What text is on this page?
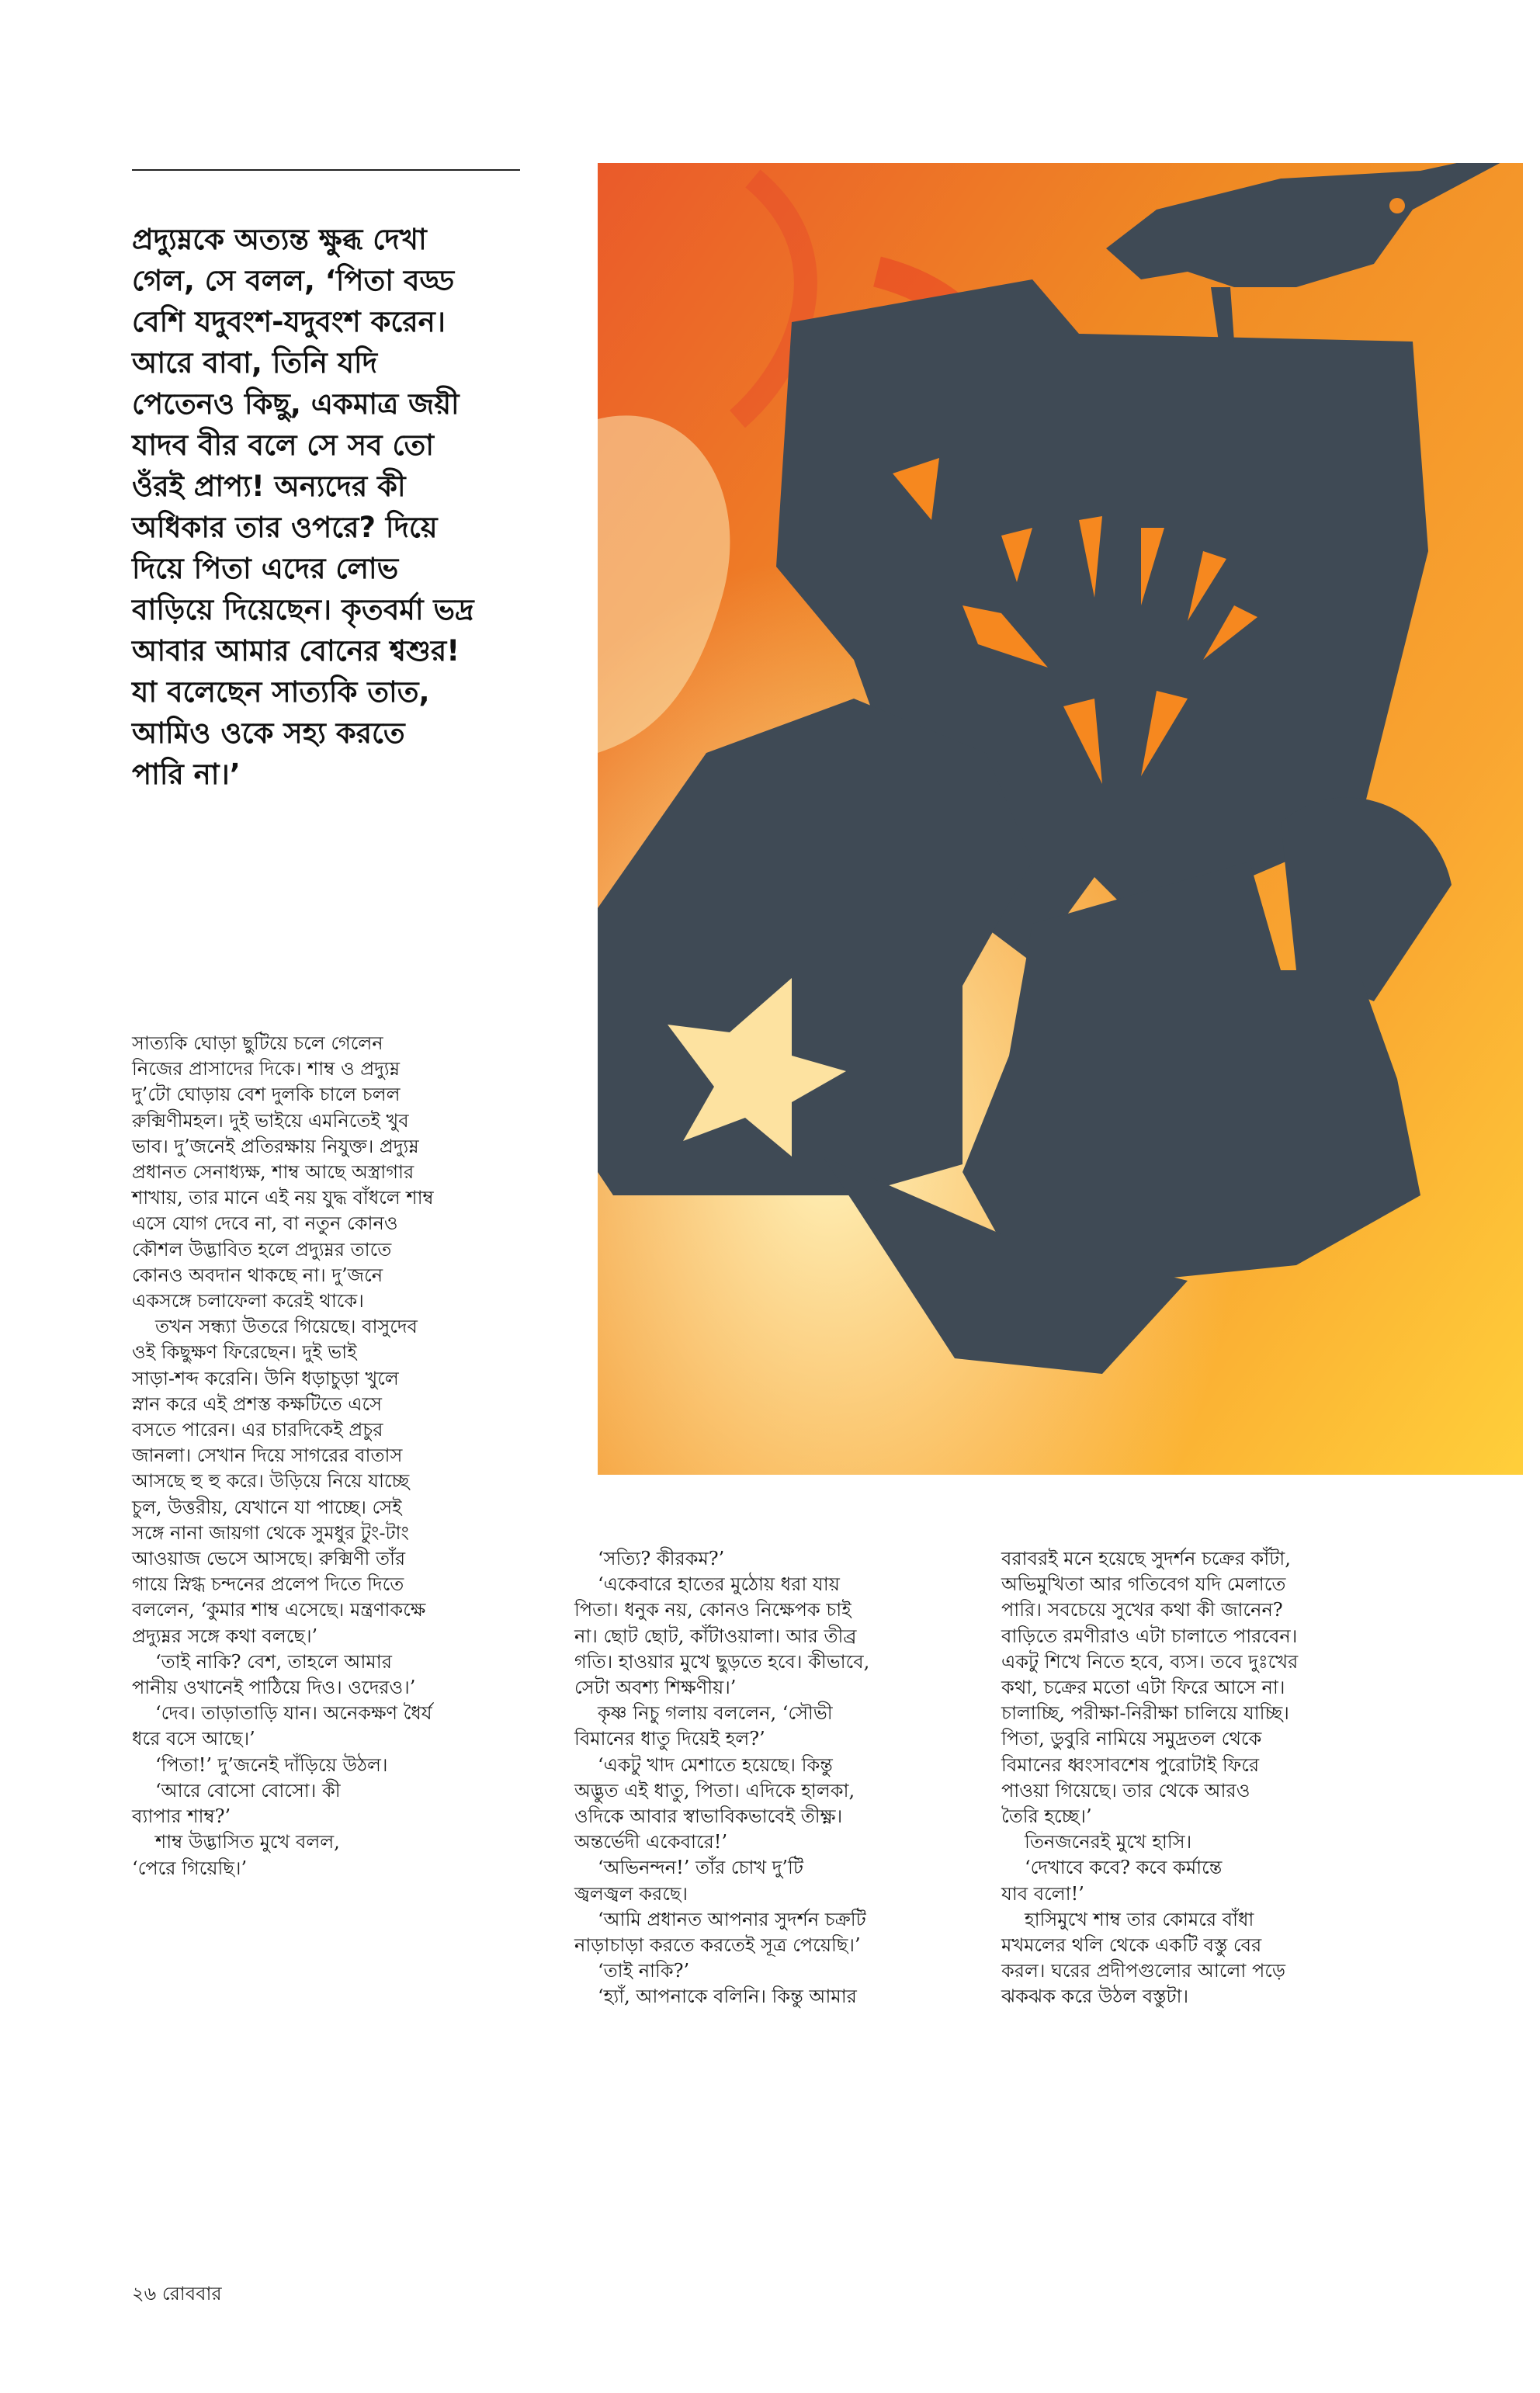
প্রদ্যুম্নকে অত্যন্ত ক্ষুব্ধ দেখা
গেল, সে বলল, ‘পিতা বড্ড
বেশি যদুবংশ-যদুবংশ করেন।
আরে বাবা, তিনি যদি
পেতেনও কিছু, একমাত্র জয়ী
যাদব বীর বলে সে সব তো
ওঁরই প্রাপ্য! অন্যদের কী
অধিকার তার ওপরে? দিয়ে
দিয়ে পিতা এদের লোভ
বাড়িয়ে দিয়েছেন। কৃতবর্মা ভদ্র
আবার আমার বোনের শ্বশুর!
যা বলেছেন সাত্যকি তাত,
আমিও ওকে সহ্য করতে
পারি না।’
সাত্যকি ঘোড়া ছুটিয়ে চলে গেলেন
নিজের প্রাসাদের দিকে। শাম্ব ও প্রদ্যুম্ন
দু’টো ঘোড়ায় বেশ দুলকি চালে চলল
রুক্মিণীমহল। দুই ভাইয়ে এমনিতেই খুব
ভাব। দু’জনেই প্রতিরক্ষায় নিযুক্ত। প্রদ্যুম্ন
প্রধানত সেনাধ্যক্ষ, শাম্ব আছে অস্ত্রাগার
শাখায়, তার মানে এই নয় যুদ্ধ বাঁধলে শাম্ব
এসে যোগ দেবে না, বা নতুন কোনও
কৌশল উদ্ভাবিত হলে প্রদ্যুম্নর তাতে
কোনও অবদান থাকছে না। দু’জনে
একসঙ্গে চলাফেলা করেই থাকে।
তখন সন্ধ্যা উতরে গিয়েছে। বাসুদেব
ওই কিছুক্ষণ ফিরেছেন। দুই ভাই
সাড়া-শব্দ করেনি। উনি ধড়াচুড়া খুলে
স্নান করে এই প্রশস্ত কক্ষটিতে এসে
বসতে পারেন। এর চারদিকেই প্রচুর
জানলা। সেখান দিয়ে সাগরের বাতাস
আসছে হু হু করে। উড়িয়ে নিয়ে যাচ্ছে
চুল, উত্তরীয়, যেখানে যা পাচ্ছে। সেই
সঙ্গে নানা জায়গা থেকে সুমধুর টুং-টাং
আওয়াজ ভেসে আসছে। রুক্মিণী তাঁর
গায়ে স্নিগ্ধ চন্দনের প্রলেপ দিতে দিতে
বললেন, ‘কুমার শাম্ব এসেছে। মন্ত্রণাকক্ষে
প্রদ্যুম্নর সঙ্গে কথা বলছে।’
‘তাই নাকি? বেশ, তাহলে আমার
পানীয় ওখানেই পাঠিয়ে দিও। ওদেরও।’
‘দেব। তাড়াতাড়ি যান। অনেকক্ষণ ধৈর্য
ধরে বসে আছে।’
‘পিতা!’ দু’জনেই দাঁড়িয়ে উঠল।
‘আরে বোসো বোসো। কী
ব্যাপার শাম্ব?’
শাম্ব উদ্ভাসিত মুখে বলল,
‘পেরে গিয়েছি।’
‘সত্যি? কীরকম?’
‘একেবারে হাতের মুঠোয় ধরা যায়
পিতা। ধনুক নয়, কোনও নিক্ষেপক চাই
না। ছোট ছোট, কাঁটাওয়ালা। আর তীব্র
গতি। হাওয়ার মুখে ছুড়তে হবে। কীভাবে,
সেটা অবশ্য শিক্ষণীয়।’
কৃষ্ণ নিচু গলায় বললেন, ‘সৌভী
বিমানের ধাতু দিয়েই হল?’
‘একটু খাদ মেশাতে হয়েছে। কিন্তু
অদ্ভুত এই ধাতু, পিতা। এদিকে হালকা,
ওদিকে আবার স্বাভাবিকভাবেই তীক্ষ্ণ।
অন্তর্ভেদী একেবারে!’
‘অভিনন্দন!’ তাঁর চোখ দু’টি
জ্বলজ্বল করছে।
‘আমি প্রধানত আপনার সুদর্শন চক্রটি
নাড়াচাড়া করতে করতেই সূত্র পেয়েছি।’
‘তাই নাকি?’
‘হ্যাঁ, আপনাকে বলিনি। কিন্তু আমার
বরাবরই মনে হয়েছে সুদর্শন চক্রের কাঁটা,
অভিমুখিতা আর গতিবেগ যদি মেলাতে
পারি। সবচেয়ে সুখের কথা কী জানেন?
বাড়িতে রমণীরাও এটা চালাতে পারবেন।
একটু শিখে নিতে হবে, ব্যস। তবে দুঃখের
কথা, চক্রের মতো এটা ফিরে আসে না।
চালাচ্ছি, পরীক্ষা-নিরীক্ষা চালিয়ে যাচ্ছি।
পিতা, ডুবুরি নামিয়ে সমুদ্রতল থেকে
বিমানের ধ্বংসাবশেষ পুরোটাই ফিরে
পাওয়া গিয়েছে। তার থেকে আরও
তৈরি হচ্ছে।’
তিনজনেরই মুখে হাসি।
‘দেখাবে কবে? কবে কর্মান্তে
যাব বলো!’
হাসিমুখে শাম্ব তার কোমরে বাঁধা
মখমলের থলি থেকে একটি বস্তু বের
করল। ঘরের প্রদীপগুলোর আলো পড়ে
ঝকঝক করে উঠল বস্তুটা।
২৬ রোববার
